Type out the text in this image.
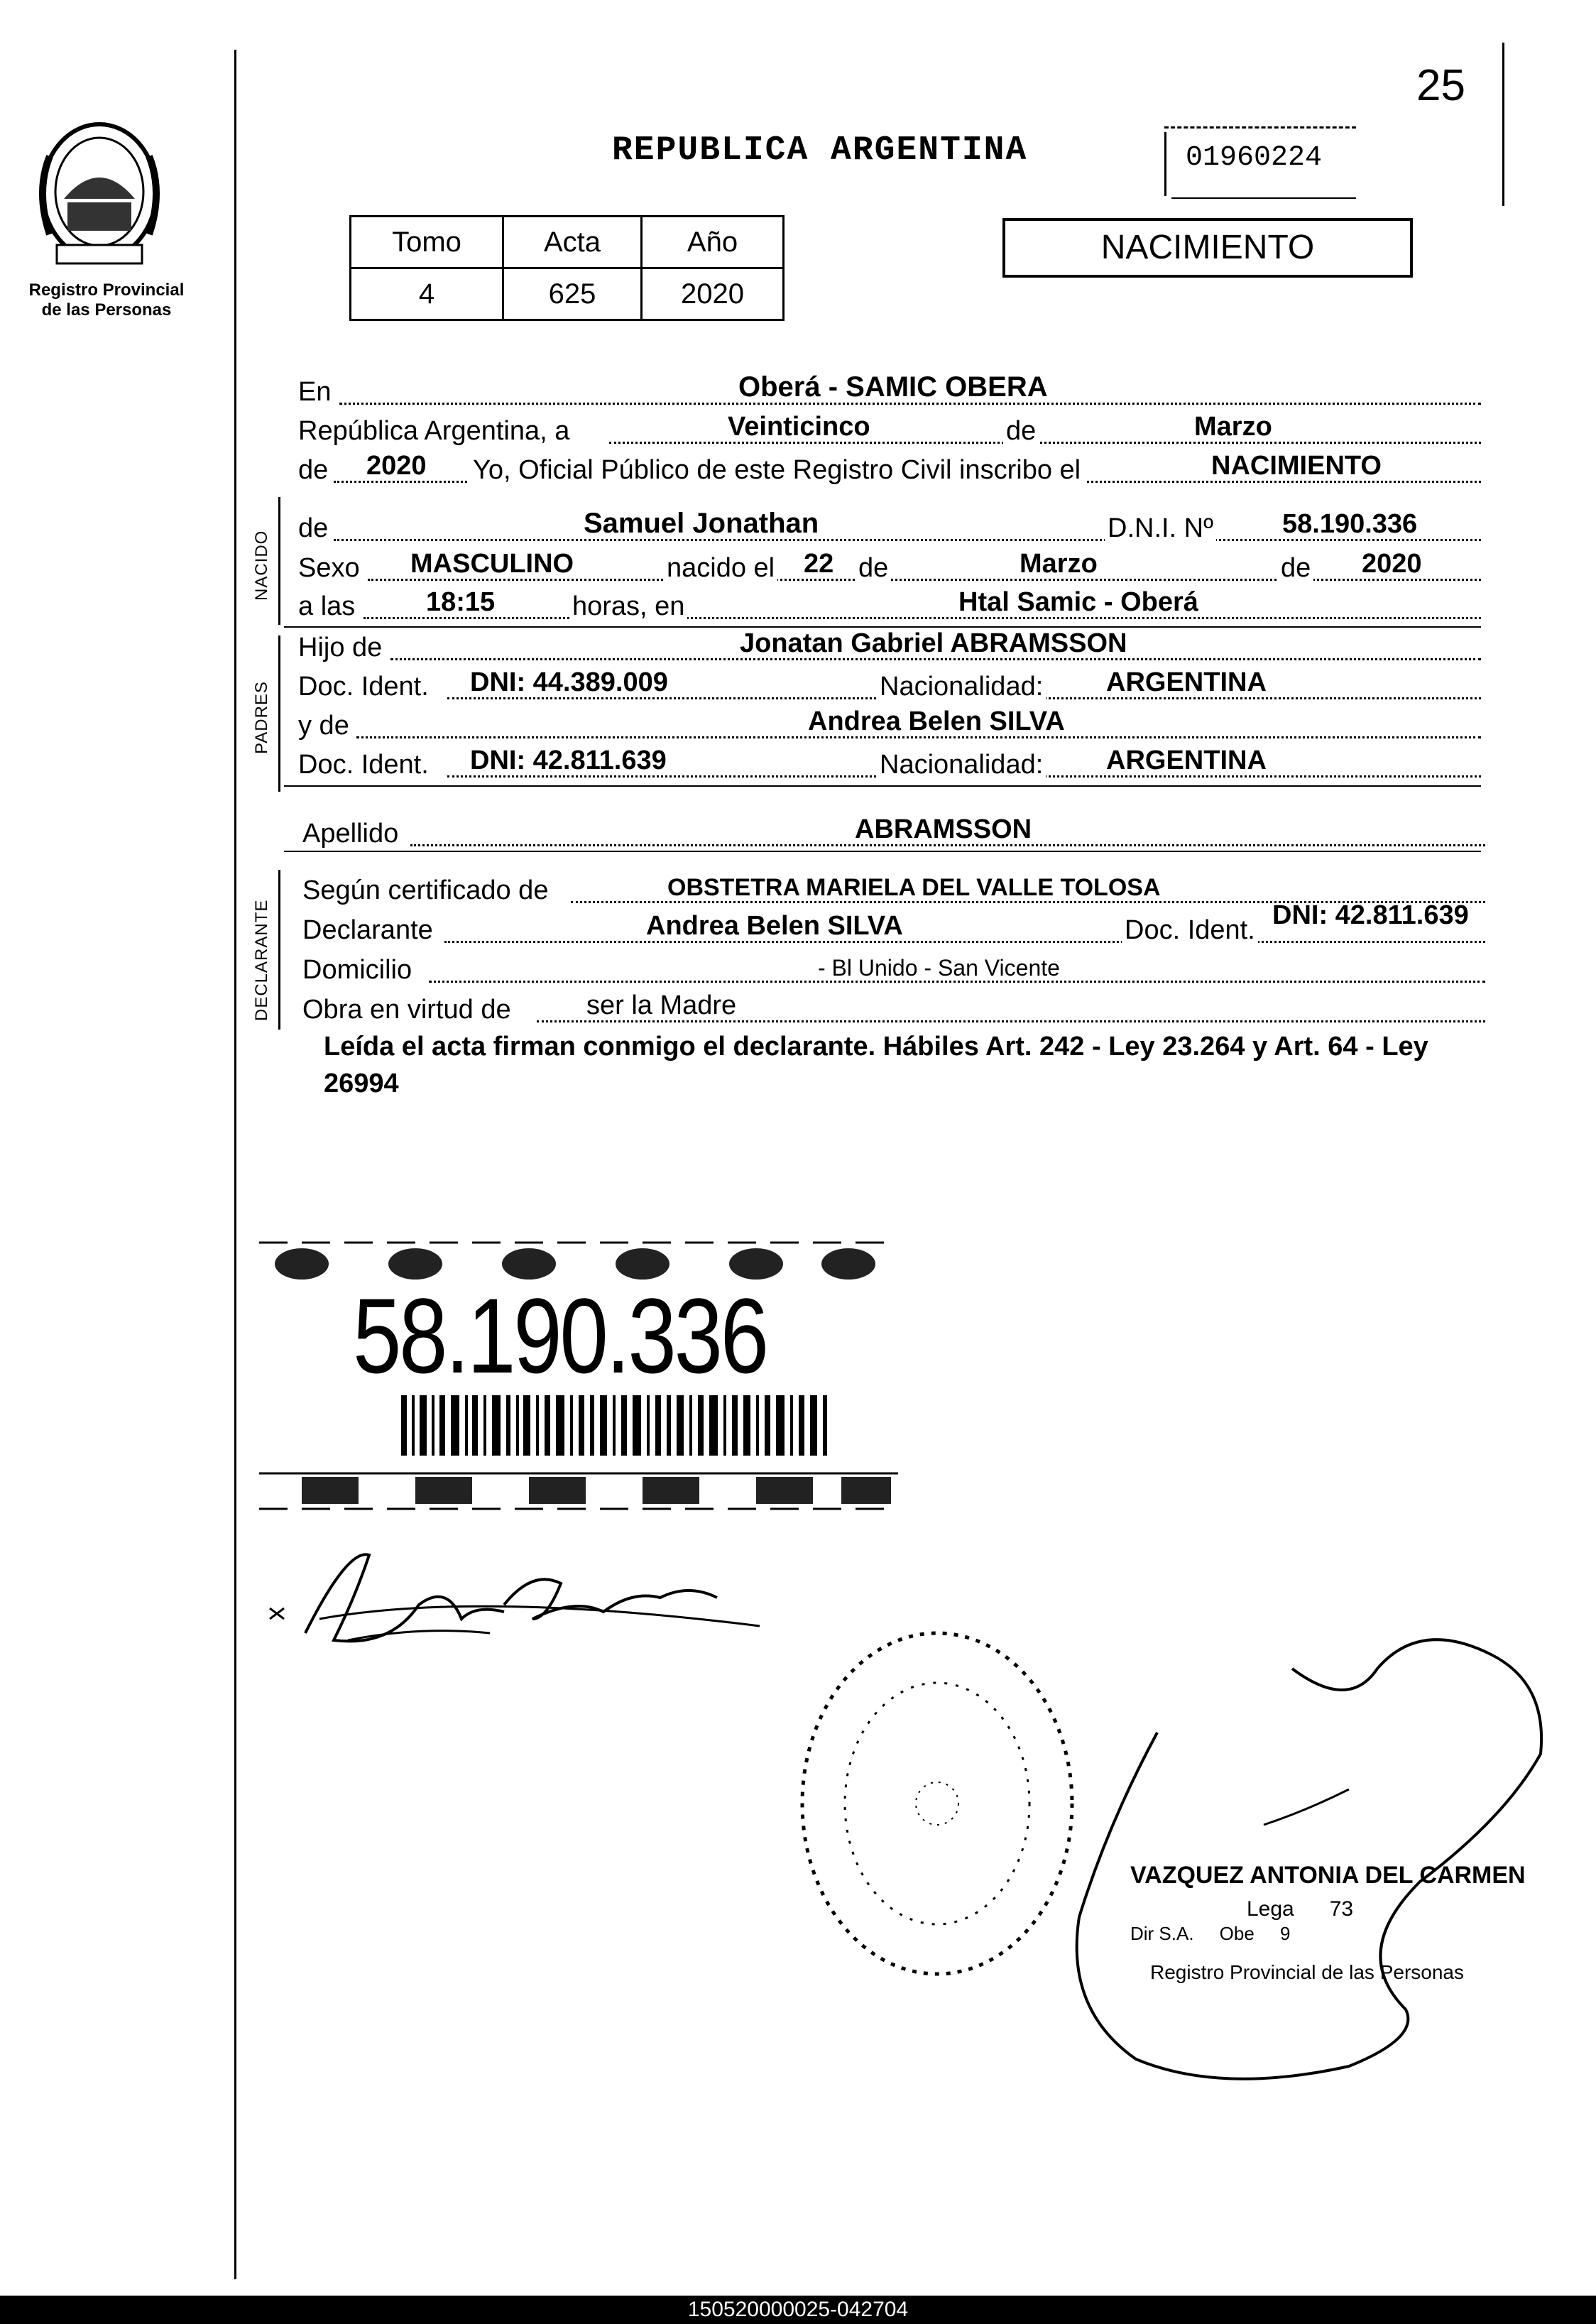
Registro Provincial
de las Personas
25
REPUBLICA ARGENTINA	01960224
Tomo	Acta	Año
4	625	2020
NACIMIENTO
En	Oberá - SAMIC OBERA
República Argentina, a	Veinticinco	de	Marzo
de 2020 Yo, Oficial Público de este Registro Civil inscribo el	NACIMIENTO
NACIDO
de	Samuel Jonathan	D.N.I. Nº	58.190.336
Sexo MASCULINO	nacido el 22 de	Marzo	de 2020
a las	18:15	horas, en	Htal Samic - Oberá
PADRES
Hijo de	Jonatan Gabriel ABRAMSSON
Doc. Ident. DNI: 44.389.009	Nacionalidad: ARGENTINA
y de	Andrea Belen SILVA
Doc. Ident. DNI: 42.811.639	Nacionalidad: ARGENTINA
Apellido	ABRAMSSON
DECLARANTE
Según certificado de	OBSTETRA MARIELA DEL VALLE TOLOSA
Declarante	Andrea Belen SILVA	Doc. Ident. DNI: 42.811.639
Domicilio	- Bl Unido - San Vicente
Obra en virtud de	ser la Madre
Leída el acta firman conmigo el declarante. Hábiles Art. 242 - Ley 23.264 y Art. 64 - Ley 26994
58.190.336
VAZQUEZ ANTONIA DEL CARMEN
Lega      73
Dir S.A.     Obe     9
Registro Provincial de las Personas
150520000025-042704
